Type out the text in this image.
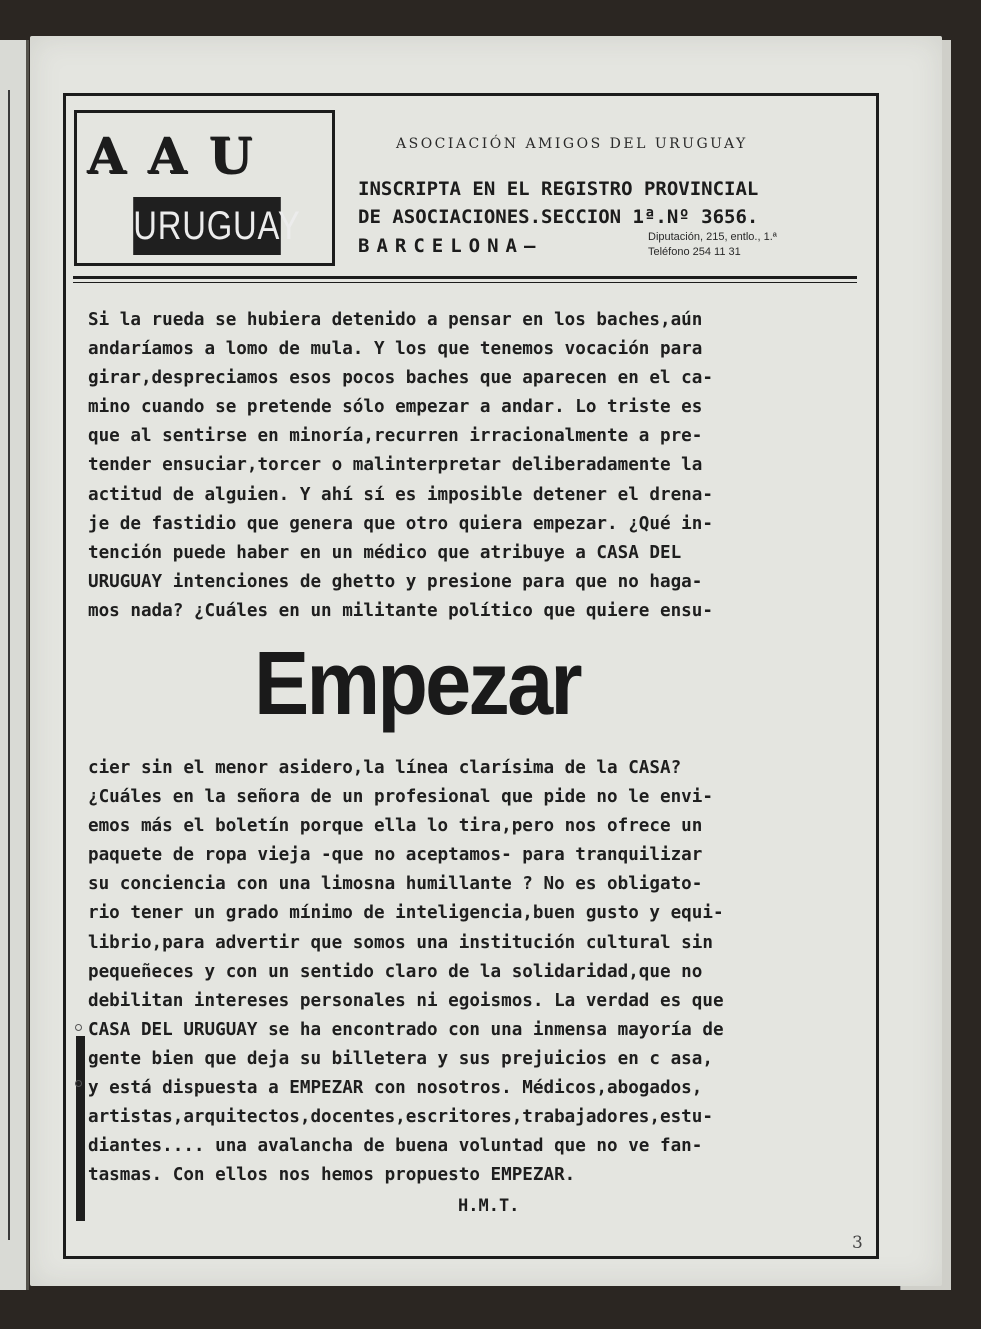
AAU
URUGUAY
ASOCIACIÓN AMIGOS DEL URUGUAY
INSCRIPTA EN EL REGISTRO PROVINCIAL
DE ASOCIACIONES.SECCION 1ª.Nº 3656.
BARCELONA—	Diputación, 215, entlo., 1.ª
Teléfono 254 11 31
Si la rueda se hubiera detenido a pensar en los baches,aún
andaríamos a lomo de mula. Y los que tenemos vocación para
girar,despreciamos esos pocos baches que aparecen en el ca-
mino cuando se pretende sólo empezar a andar. Lo triste es
que al sentirse en minoría,recurren irracionalmente a pre-
tender ensuciar,torcer o malinterpretar deliberadamente la
actitud de alguien. Y ahí sí es imposible detener el drena-
je de fastidio que genera que otro quiera empezar. ¿Qué in-
tención puede haber en un médico que atribuye a CASA DEL
URUGUAY intenciones de ghetto y presione para que no haga-
mos nada? ¿Cuáles en un militante político que quiere ensu-
Empezar
cier sin el menor asidero,la línea clarísima de la CASA?
¿Cuáles en la señora de un profesional que pide no le envi-
emos más el boletín porque ella lo tira,pero nos ofrece un
paquete de ropa vieja -que no aceptamos- para tranquilizar
su conciencia con una limosna humillante ? No es obligato-
rio tener un grado mínimo de inteligencia,buen gusto y equi-
librio,para advertir que somos una institución cultural sin
pequeñeces y con un sentido claro de la solidaridad,que no
debilitan intereses personales ni egoismos. La verdad es que
CASA DEL URUGUAY se ha encontrado con una inmensa mayoría de
gente bien que deja su billetera y sus prejuicios en c asa,
y está dispuesta a EMPEZAR con nosotros. Médicos,abogados,
artistas,arquitectos,docentes,escritores,trabajadores,estu-
diantes.... una avalancha de buena voluntad que no ve fan-
tasmas. Con ellos nos hemos propuesto EMPEZAR.
H.M.T.
3
